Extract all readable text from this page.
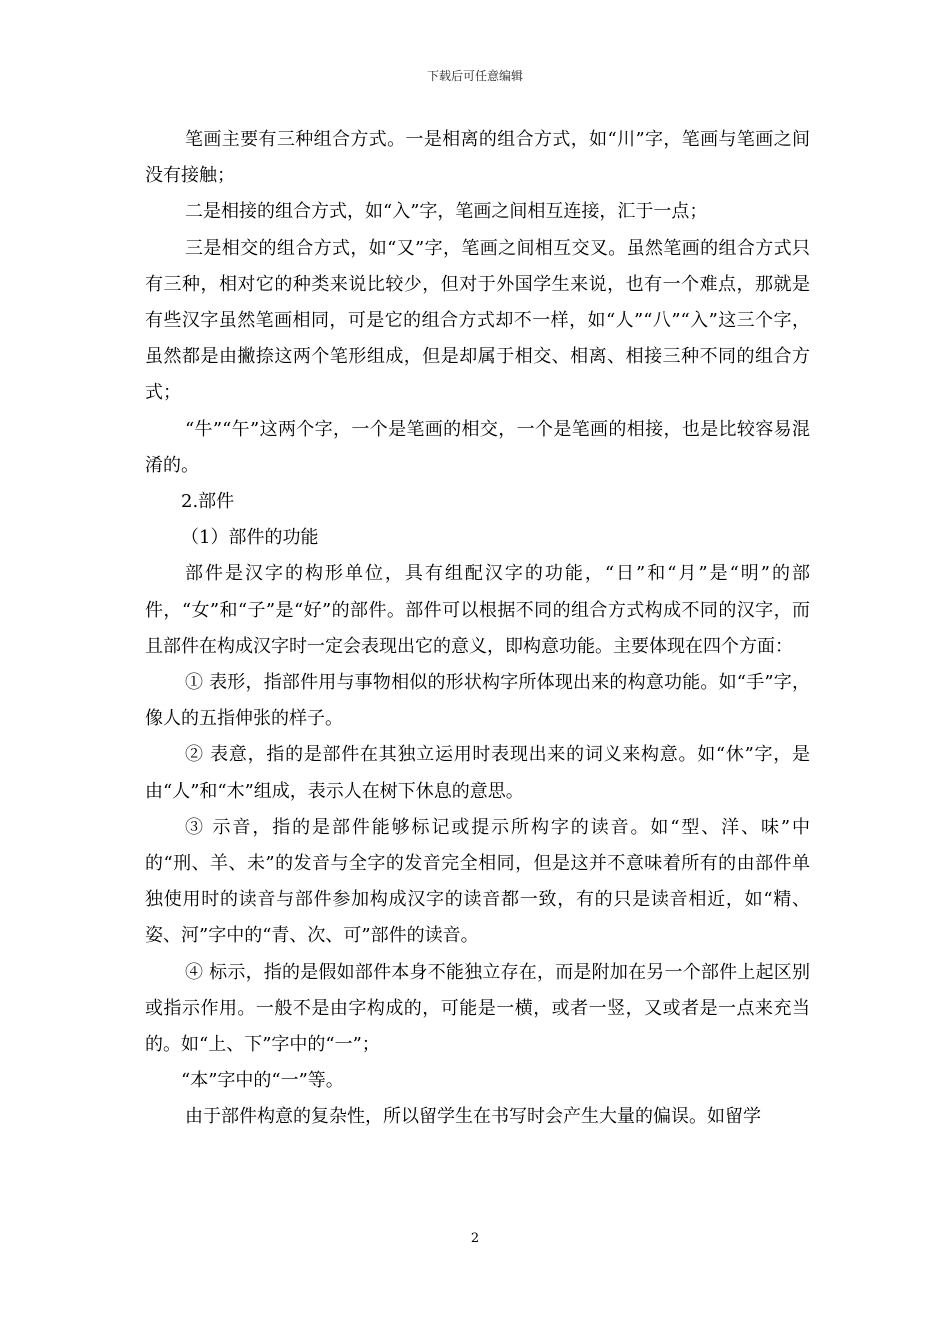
下载后可任意编辑

笔画主要有三种组合方式。一是相离的组合方式，如“川”字，笔画与笔画之间没有接触；

二是相接的组合方式，如“入”字，笔画之间相互连接，汇于一点；

三是相交的组合方式，如“又”字，笔画之间相互交叉。虽然笔画的组合方式只有三种，相对它的种类来说比较少，但对于外国学生来说，也有一个难点，那就是有些汉字虽然笔画相同，可是它的组合方式却不一样，如“人”“八”“入”这三个字，虽然都是由撇捺这两个笔形组成，但是却属于相交、相离、相接三种不同的组合方式；

“牛”“午”这两个字，一个是笔画的相交，一个是笔画的相接，也是比较容易混淆的。

2.部件

（1）部件的功能

部件是汉字的构形单位，具有组配汉字的功能，“日”和“月”是“明”的部件，“女”和“子”是“好”的部件。部件可以根据不同的组合方式构成不同的汉字，而且部件在构成汉字时一定会表现出它的意义，即构意功能。主要体现在四个方面：

① 表形，指部件用与事物相似的形状构字所体现出来的构意功能。如“手”字，像人的五指伸张的样子。

② 表意，指的是部件在其独立运用时表现出来的词义来构意。如“休”字，是由“人”和“木”组成，表示人在树下休息的意思。

③ 示音，指的是部件能够标记或提示所构字的读音。如“型、洋、味”中的“刑、羊、未”的发音与全字的发音完全相同，但是这并不意味着所有的由部件单独使用时的读音与部件参加构成汉字的读音都一致，有的只是读音相近，如“精、姿、河”字中的“青、次、可”部件的读音。

④ 标示，指的是假如部件本身不能独立存在，而是附加在另一个部件上起区别或指示作用。一般不是由字构成的，可能是一横，或者一竖，又或者是一点来充当的。如“上、下”字中的“一”；

“本”字中的“一”等。

由于部件构意的复杂性，所以留学生在书写时会产生大量的偏误。如留学

2
